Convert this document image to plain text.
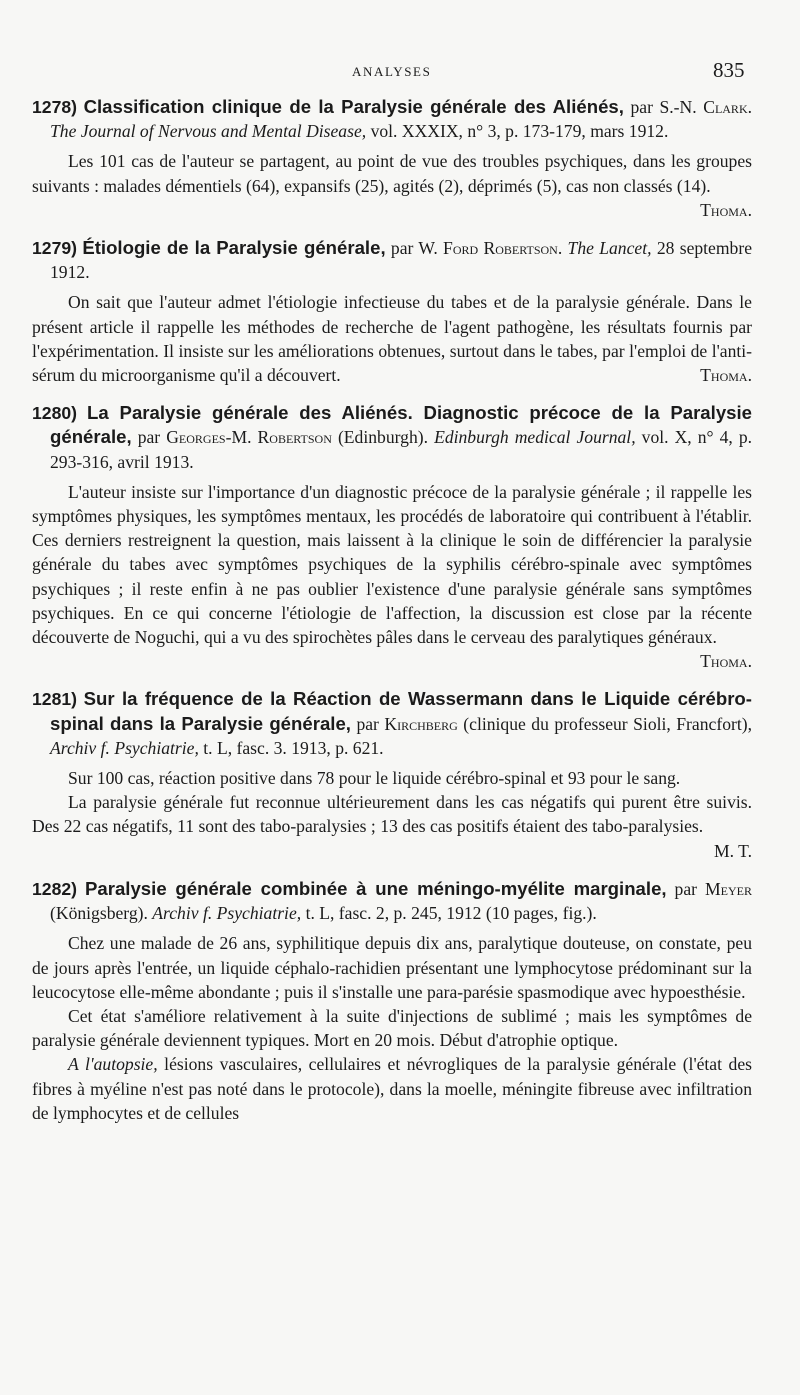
ANALYSES	835

1278) Classification clinique de la Paralysie générale des Aliénés, par S.-N. Clark. The Journal of Nervous and Mental Disease, vol. XXXIX, n° 3, p. 173-179, mars 1912.

Les 101 cas de l'auteur se partagent, au point de vue des troubles psychiques, dans les groupes suivants : malades démentiels (64), expansifs (25), agités (2), déprimés (5), cas non classés (14).
Thoma.

1279) Étiologie de la Paralysie générale, par W. Ford Robertson. The Lancet, 28 septembre 1912.

On sait que l'auteur admet l'étiologie infectieuse du tabes et de la paralysie générale. Dans le présent article il rappelle les méthodes de recherche de l'agent pathogène, les résultats fournis par l'expérimentation. Il insiste sur les améliorations obtenues, surtout dans le tabes, par l'emploi de l'anti-sérum du microorganisme qu'il a découvert.	Thoma.

1280) La Paralysie générale des Aliénés. Diagnostic précoce de la Paralysie générale, par Georges-M. Robertson (Edinburgh). Edinburgh medical Journal, vol. X, n° 4, p. 293-316, avril 1913.

L'auteur insiste sur l'importance d'un diagnostic précoce de la paralysie générale ; il rappelle les symptômes physiques, les symptômes mentaux, les procédés de laboratoire qui contribuent à l'établir. Ces derniers restreignent la question, mais laissent à la clinique le soin de différencier la paralysie générale du tabes avec symptômes psychiques de la syphilis cérébro-spinale avec symptômes psychiques ; il reste enfin à ne pas oublier l'existence d'une paralysie générale sans symptômes psychiques. En ce qui concerne l'étiologie de l'affection, la discussion est close par la récente découverte de Noguchi, qui a vu des spirochètes pâles dans le cerveau des paralytiques généraux.
Thoma.

1281) Sur la fréquence de la Réaction de Wassermann dans le Liquide cérébro-spinal dans la Paralysie générale, par Kirchberg (clinique du professeur Sioli, Francfort), Archiv f. Psychiatrie, t. L, fasc. 3. 1913, p. 621.

Sur 100 cas, réaction positive dans 78 pour le liquide cérébro-spinal et 93 pour le sang.

La paralysie générale fut reconnue ultérieurement dans les cas négatifs qui purent être suivis. Des 22 cas négatifs, 11 sont des tabo-paralysies ; 13 des cas positifs étaient des tabo-paralysies.
M. T.

1282) Paralysie générale combinée à une méningo-myélite marginale, par Meyer (Königsberg). Archiv f. Psychiatrie, t. L, fasc. 2, p. 245, 1912 (10 pages, fig.).

Chez une malade de 26 ans, syphilitique depuis dix ans, paralytique douteuse, on constate, peu de jours après l'entrée, un liquide céphalo-rachidien présentant une lymphocytose prédominant sur la leucocytose elle-même abondante ; puis il s'installe une para-parésie spasmodique avec hypoesthésie.

Cet état s'améliore relativement à la suite d'injections de sublimé ; mais les symptômes de paralysie générale deviennent typiques. Mort en 20 mois. Début d'atrophie optique.

A l'autopsie, lésions vasculaires, cellulaires et névrogliques de la paralysie générale (l'état des fibres à myéline n'est pas noté dans le protocole), dans la moelle, méningite fibreuse avec infiltration de lymphocytes et de cellules
